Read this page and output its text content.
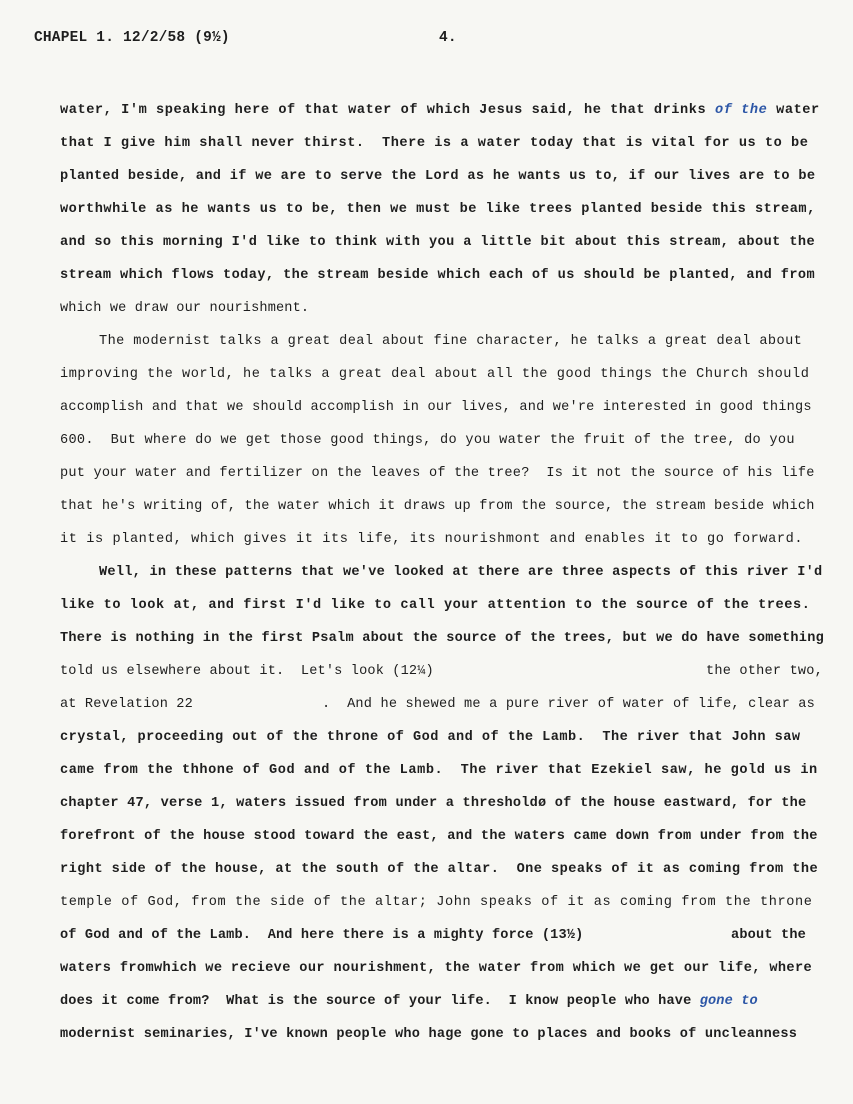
CHAPEL 1. 12/2/58 (9½)	4.
water, I'm speaking here of that water of which Jesus said, he that drinks of the water
that I give him shall never thirst.  There is a water today that is vital for us to be
planted beside, and if we are to serve the Lord as he wants us to, if our lives are to be
worthwhile as he wants us to be, then we must be like trees planted beside this stream,
and so this morning I'd like to think with you a little bit about this stream, about the
stream which flows today, the stream beside which each of us should be planted, and from
which we draw our nourishment.
The modernist talks a great deal about fine character, he talks a great deal about
improving the world, he talks a great deal about all the good things the Church should
accomplish and that we should accomplish in our lives, and we're interested in good things
600.  But where do we get those good things, do you water the fruit of the tree, do you
put your water and fertilizer on the leaves of the tree?  Is it not the source of his life
that he's writing of, the water which it draws up from the source, the stream beside which
it is planted, which gives it its life, its nourishmont and enables it to go forward.
Well, in these patterns that we've looked at there are three aspects of this river I'd
like to look at, and first I'd like to call your attention to the source of the trees.
There is nothing in the first Psalm about the source of the trees, but we do have something
told us elsewhere about it.  Let's look (12¼)	the other two,
at Revelation 22	.  And he shewed me a pure river of water of life, clear as
crystal, proceeding out of the throne of God and of the Lamb.  The river that John saw
came from the thhone of God and of the Lamb.  The river that Ezekiel saw, he gold us in
chapter 47, verse 1, waters issued from under a thresholdø of the house eastward, for the
forefront of the house stood toward the east, and the waters came down from under from the
right side of the house, at the south of the altar.  One speaks of it as coming from the
temple of God, from the side of the altar; John speaks of it as coming from the throne
of God and of the Lamb.  And here there is a mighty force (13½)	about the
waters fromwhich we recieve our nourishment, the water from which we get our life, where
does it come from?  What is the source of your life.  I know people who have gone to
modernist seminaries, I've known people who hage gone to places and books of uncleanness
